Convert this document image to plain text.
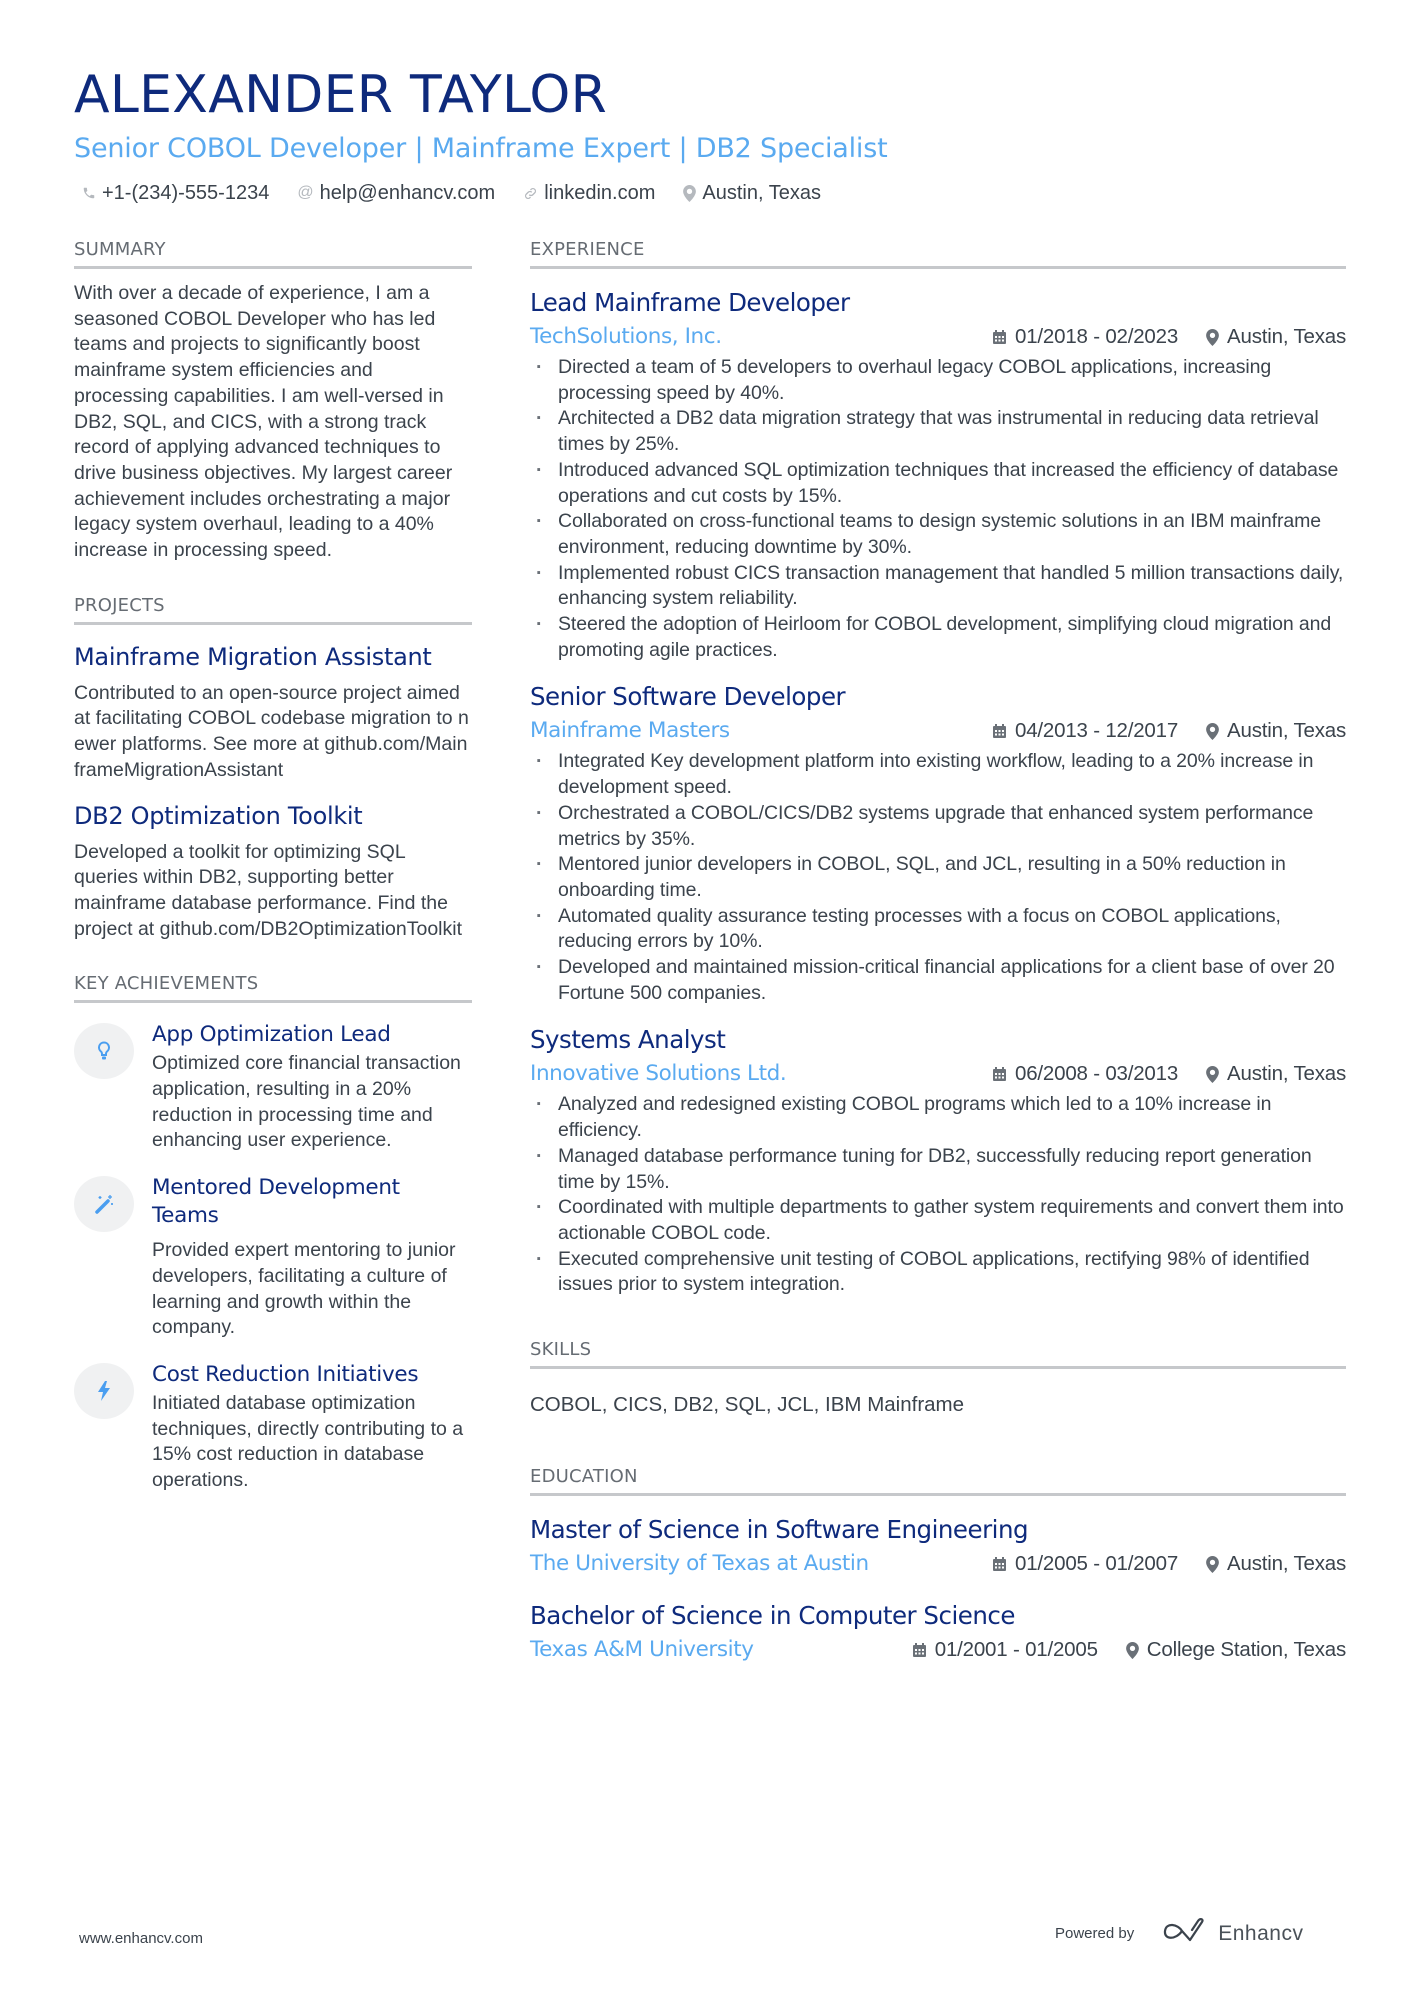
ALEXANDER TAYLOR
Senior COBOL Developer | Mainframe Expert | DB2 Specialist
+1-(234)-555-1234 @ help@enhancv.com linkedin.com Austin, Texas
SUMMARY
With over a decade of experience, I am a seasoned COBOL Developer who has led teams and projects to significantly boost mainframe system efficiencies and processing capabilities. I am well-versed in DB2, SQL, and CICS, with a strong track record of applying advanced techniques to drive business objectives. My largest career achievement includes orchestrating a major legacy system overhaul, leading to a 40% increase in processing speed.
PROJECTS
Mainframe Migration Assistant
Contributed to an open-source project aimed at facilitating COBOL codebase migration to newer platforms. See more at github.com/MainframeMigrationAssistant
DB2 Optimization Toolkit
Developed a toolkit for optimizing SQL queries within DB2, supporting better mainframe database performance. Find the project at github.com/DB2OptimizationToolkit
KEY ACHIEVEMENTS
App Optimization Lead
Optimized core financial transaction application, resulting in a 20% reduction in processing time and enhancing user experience.
Mentored Development Teams
Provided expert mentoring to junior developers, facilitating a culture of learning and growth within the company.
Cost Reduction Initiatives
Initiated database optimization techniques, directly contributing to a 15% cost reduction in database operations.
EXPERIENCE
Lead Mainframe Developer
TechSolutions, Inc.	01/2018 - 02/2023 Austin, Texas
· Directed a team of 5 developers to overhaul legacy COBOL applications, increasing processing speed by 40%.
· Architected a DB2 data migration strategy that was instrumental in reducing data retrieval times by 25%.
· Introduced advanced SQL optimization techniques that increased the efficiency of database operations and cut costs by 15%.
· Collaborated on cross-functional teams to design systemic solutions in an IBM mainframe environment, reducing downtime by 30%.
· Implemented robust CICS transaction management that handled 5 million transactions daily, enhancing system reliability.
· Steered the adoption of Heirloom for COBOL development, simplifying cloud migration and promoting agile practices.
Senior Software Developer
Mainframe Masters	04/2013 - 12/2017 Austin, Texas
· Integrated Key development platform into existing workflow, leading to a 20% increase in development speed.
· Orchestrated a COBOL/CICS/DB2 systems upgrade that enhanced system performance metrics by 35%.
· Mentored junior developers in COBOL, SQL, and JCL, resulting in a 50% reduction in onboarding time.
· Automated quality assurance testing processes with a focus on COBOL applications, reducing errors by 10%.
· Developed and maintained mission-critical financial applications for a client base of over 20 Fortune 500 companies.
Systems Analyst
Innovative Solutions Ltd.	06/2008 - 03/2013 Austin, Texas
· Analyzed and redesigned existing COBOL programs which led to a 10% increase in efficiency.
· Managed database performance tuning for DB2, successfully reducing report generation time by 15%.
· Coordinated with multiple departments to gather system requirements and convert them into actionable COBOL code.
· Executed comprehensive unit testing of COBOL applications, rectifying 98% of identified issues prior to system integration.
SKILLS
COBOL, CICS, DB2, SQL, JCL, IBM Mainframe
EDUCATION
Master of Science in Software Engineering
The University of Texas at Austin	01/2005 - 01/2007 Austin, Texas
Bachelor of Science in Computer Science
Texas A&M University	01/2001 - 01/2005 College Station, Texas
www.enhancv.com	Powered by	Enhancv
